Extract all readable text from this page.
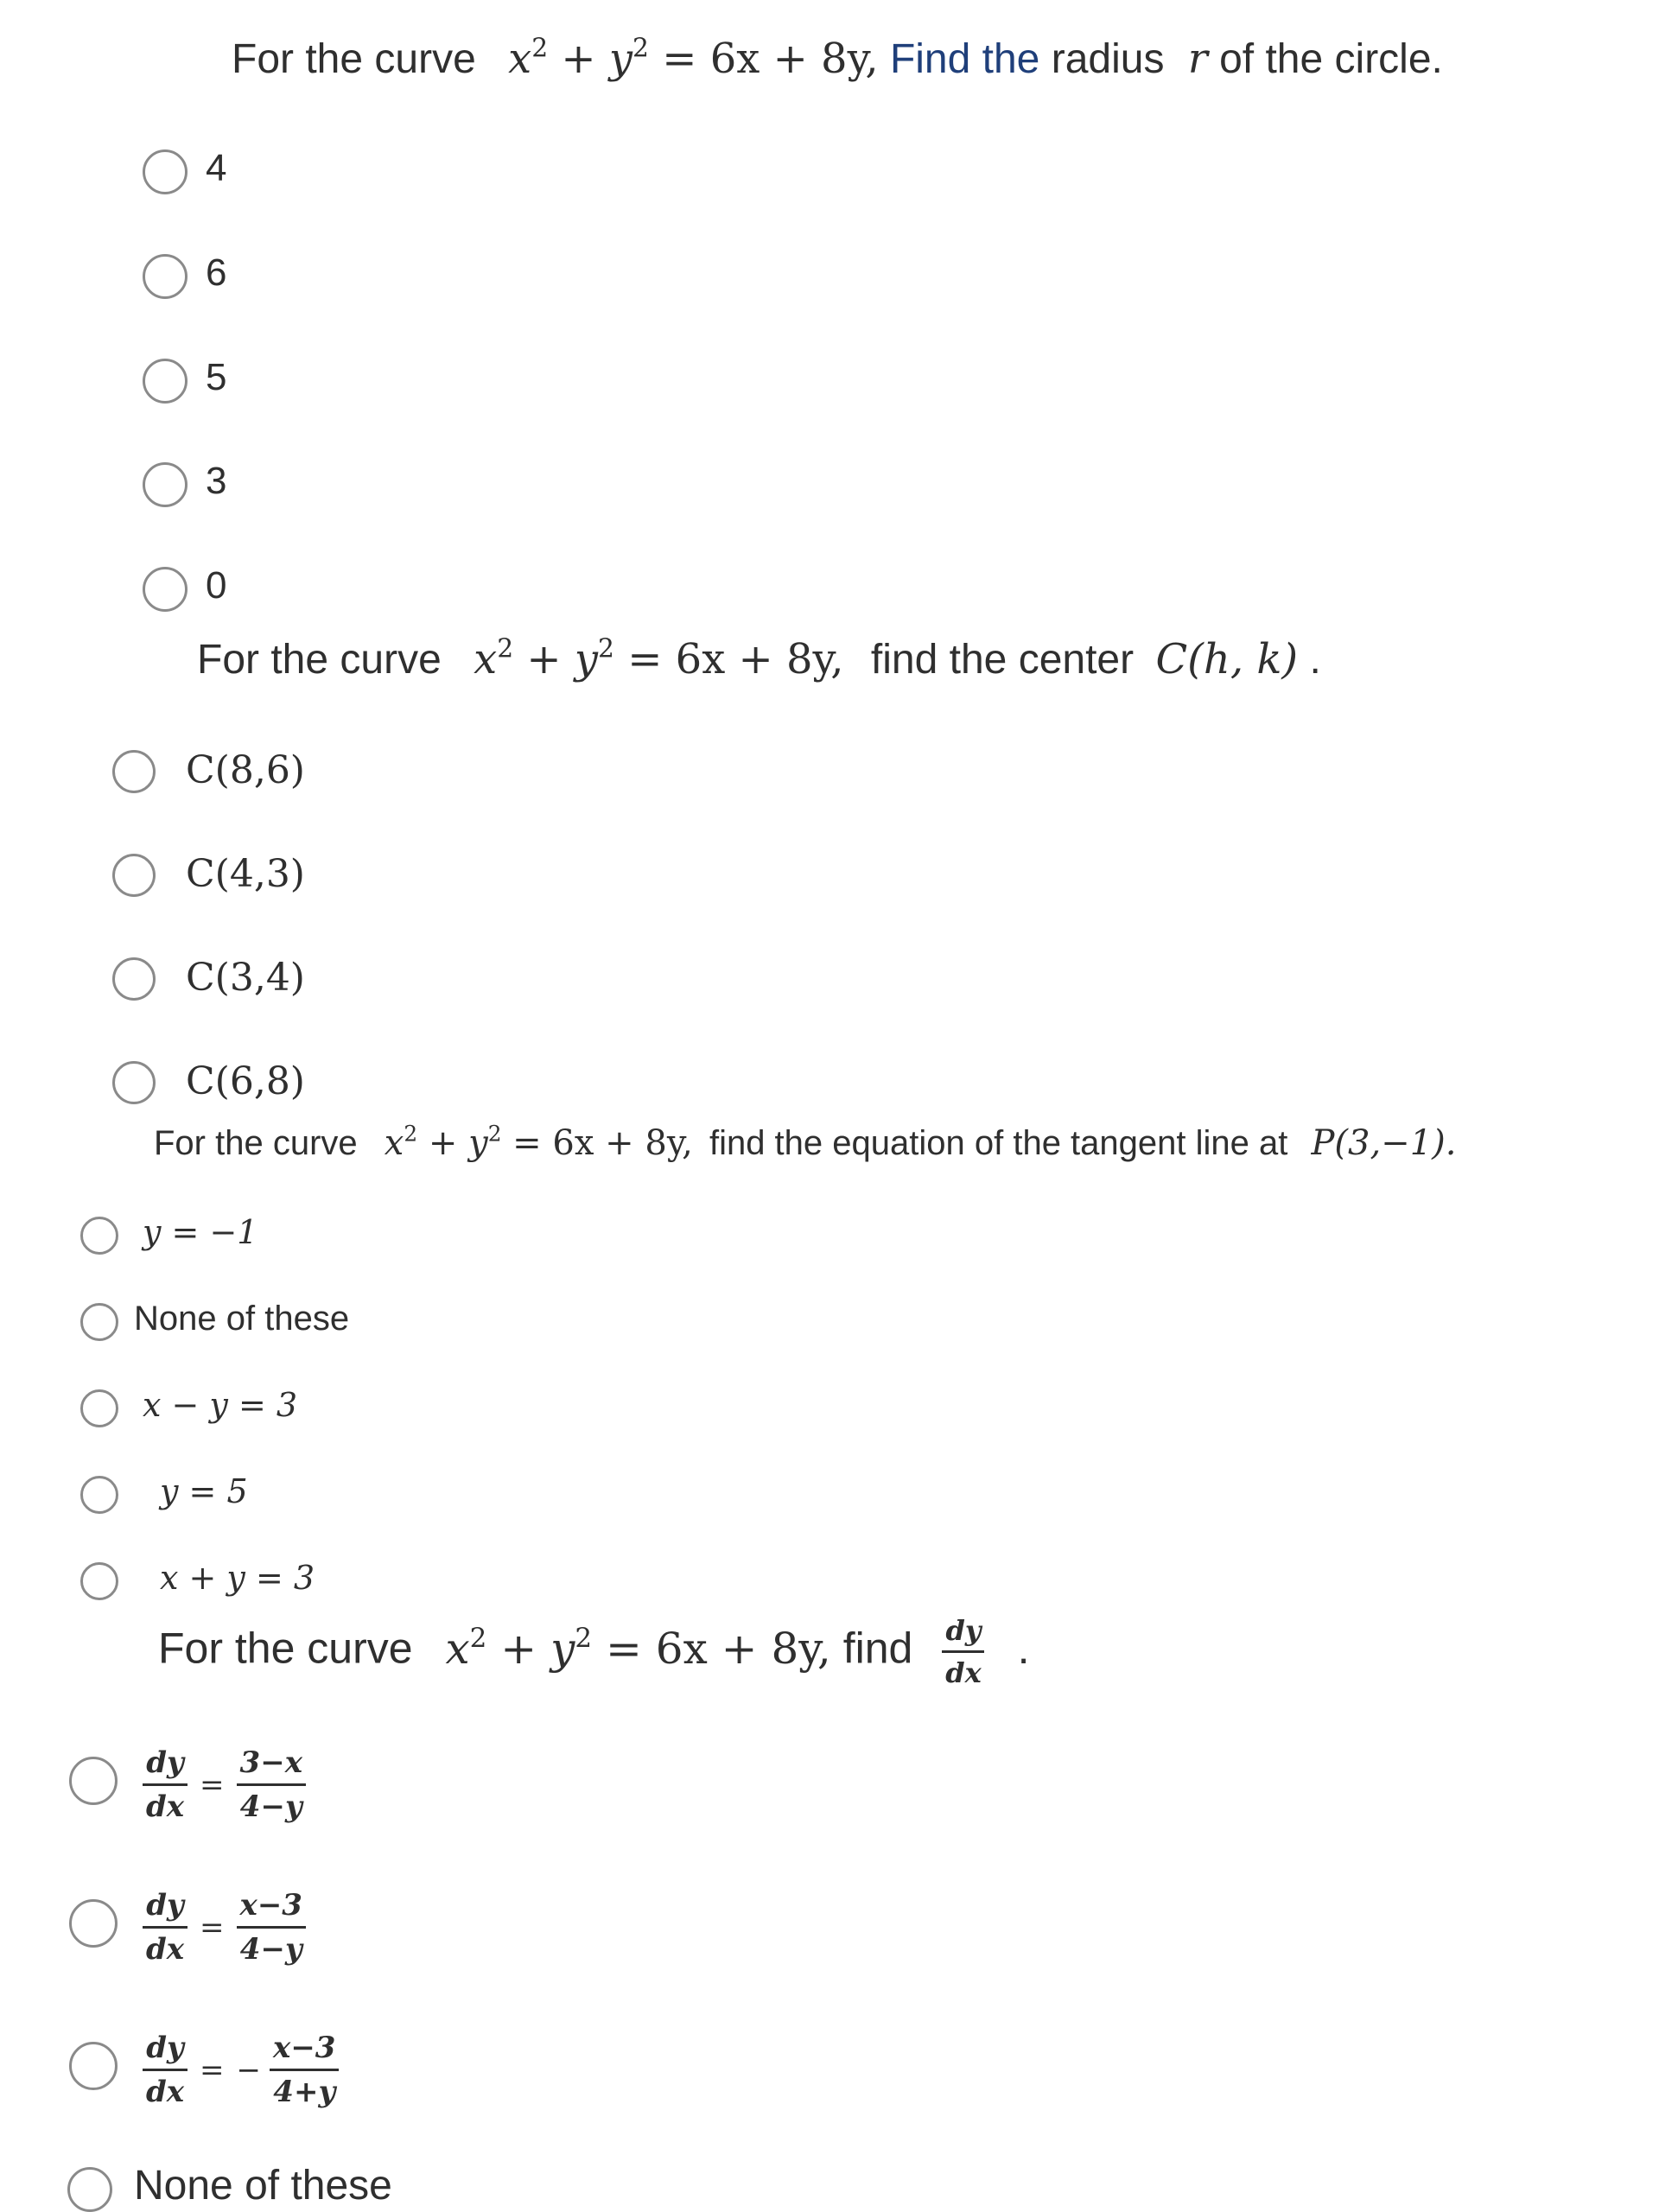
For the curve $x^2 + y^2 = 6x + 8y$, Find the radius r of the circle.
4
6
5
3
0
For the curve $x^2 + y^2 = 6x + 8y$, find the center C(h, k) .
C(8,6)
C(4,3)
C(3,4)
C(6,8)
For the curve $x^2 + y^2 = 6x + 8y$, find the equation of the tangent line at P(3,−1).
y = −1
None of these
x − y = 3
y = 5
x + y = 3
For the curve $x^2 + y^2 = 6x + 8y$, find $\frac{dy}{dx}$ .
$\frac{dy}{dx} = \frac{3-x}{4-y}$
$\frac{dy}{dx} = \frac{x-3}{4-y}$
$\frac{dy}{dx}$ = − $\frac{x-3}{4+y}$
None of these
